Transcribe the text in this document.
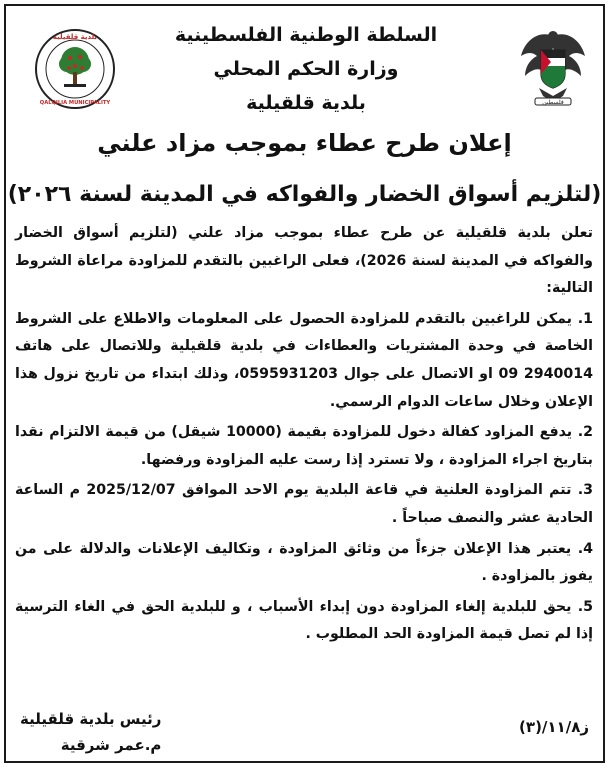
فلسطين
السلطة الوطنية الفلسطينية
وزارة الحكم المحلي
بلدية قلقيلية
بلدية قلقيلية
QALQILIA MUNICIPALITY
إعلان طرح عطاء بموجب مزاد علني
(لتلزيم أسواق الخضار والفواكه في المدينة لسنة ٢٠٢٦)

تعلن بلدية قلقيلية عن طرح عطاء بموجب مزاد علني (لتلزيم أسواق الخضار والفواكه في المدينة لسنة 2026)، فعلى الراغبين بالتقدم للمزاودة مراعاة الشروط التالية:

1. يمكن للراغبين بالتقدم للمزاودة الحصول على المعلومات والاطلاع على الشروط الخاصة في وحدة المشتريات والعطاءات في بلدية قلقيلية وللاتصال على هاتف 2940014 09 او الاتصال على جوال 0595931203، وذلك ابتداء من تاريخ نزول هذا الإعلان وخلال ساعات الدوام الرسمي.

2. يدفع المزاود كفالة دخول للمزاودة بقيمة (10000 شيقل) من قيمة الالتزام نقدا بتاريخ اجراء المزاودة ، ولا تسترد إذا رست عليه المزاودة ورفضها.

3. تتم المزاودة العلنية في قاعة البلدية يوم الاحد الموافق 2025/12/07 م الساعة الحادية عشر والنصف صباحاً .

4. يعتبر هذا الإعلان جزءاً من وثائق المزاودة ، وتكاليف الإعلانات والدلالة على من يفوز بالمزاودة .

5. يحق للبلدية إلغاء المزاودة دون إبداء الأسباب ، و للبلدية الحق في الغاء الترسية إذا لم تصل قيمة المزاودة الحد المطلوب .

رئيس بلدية قلقيلية
م.عمر شرقية
ز١١/٨/(٣)
